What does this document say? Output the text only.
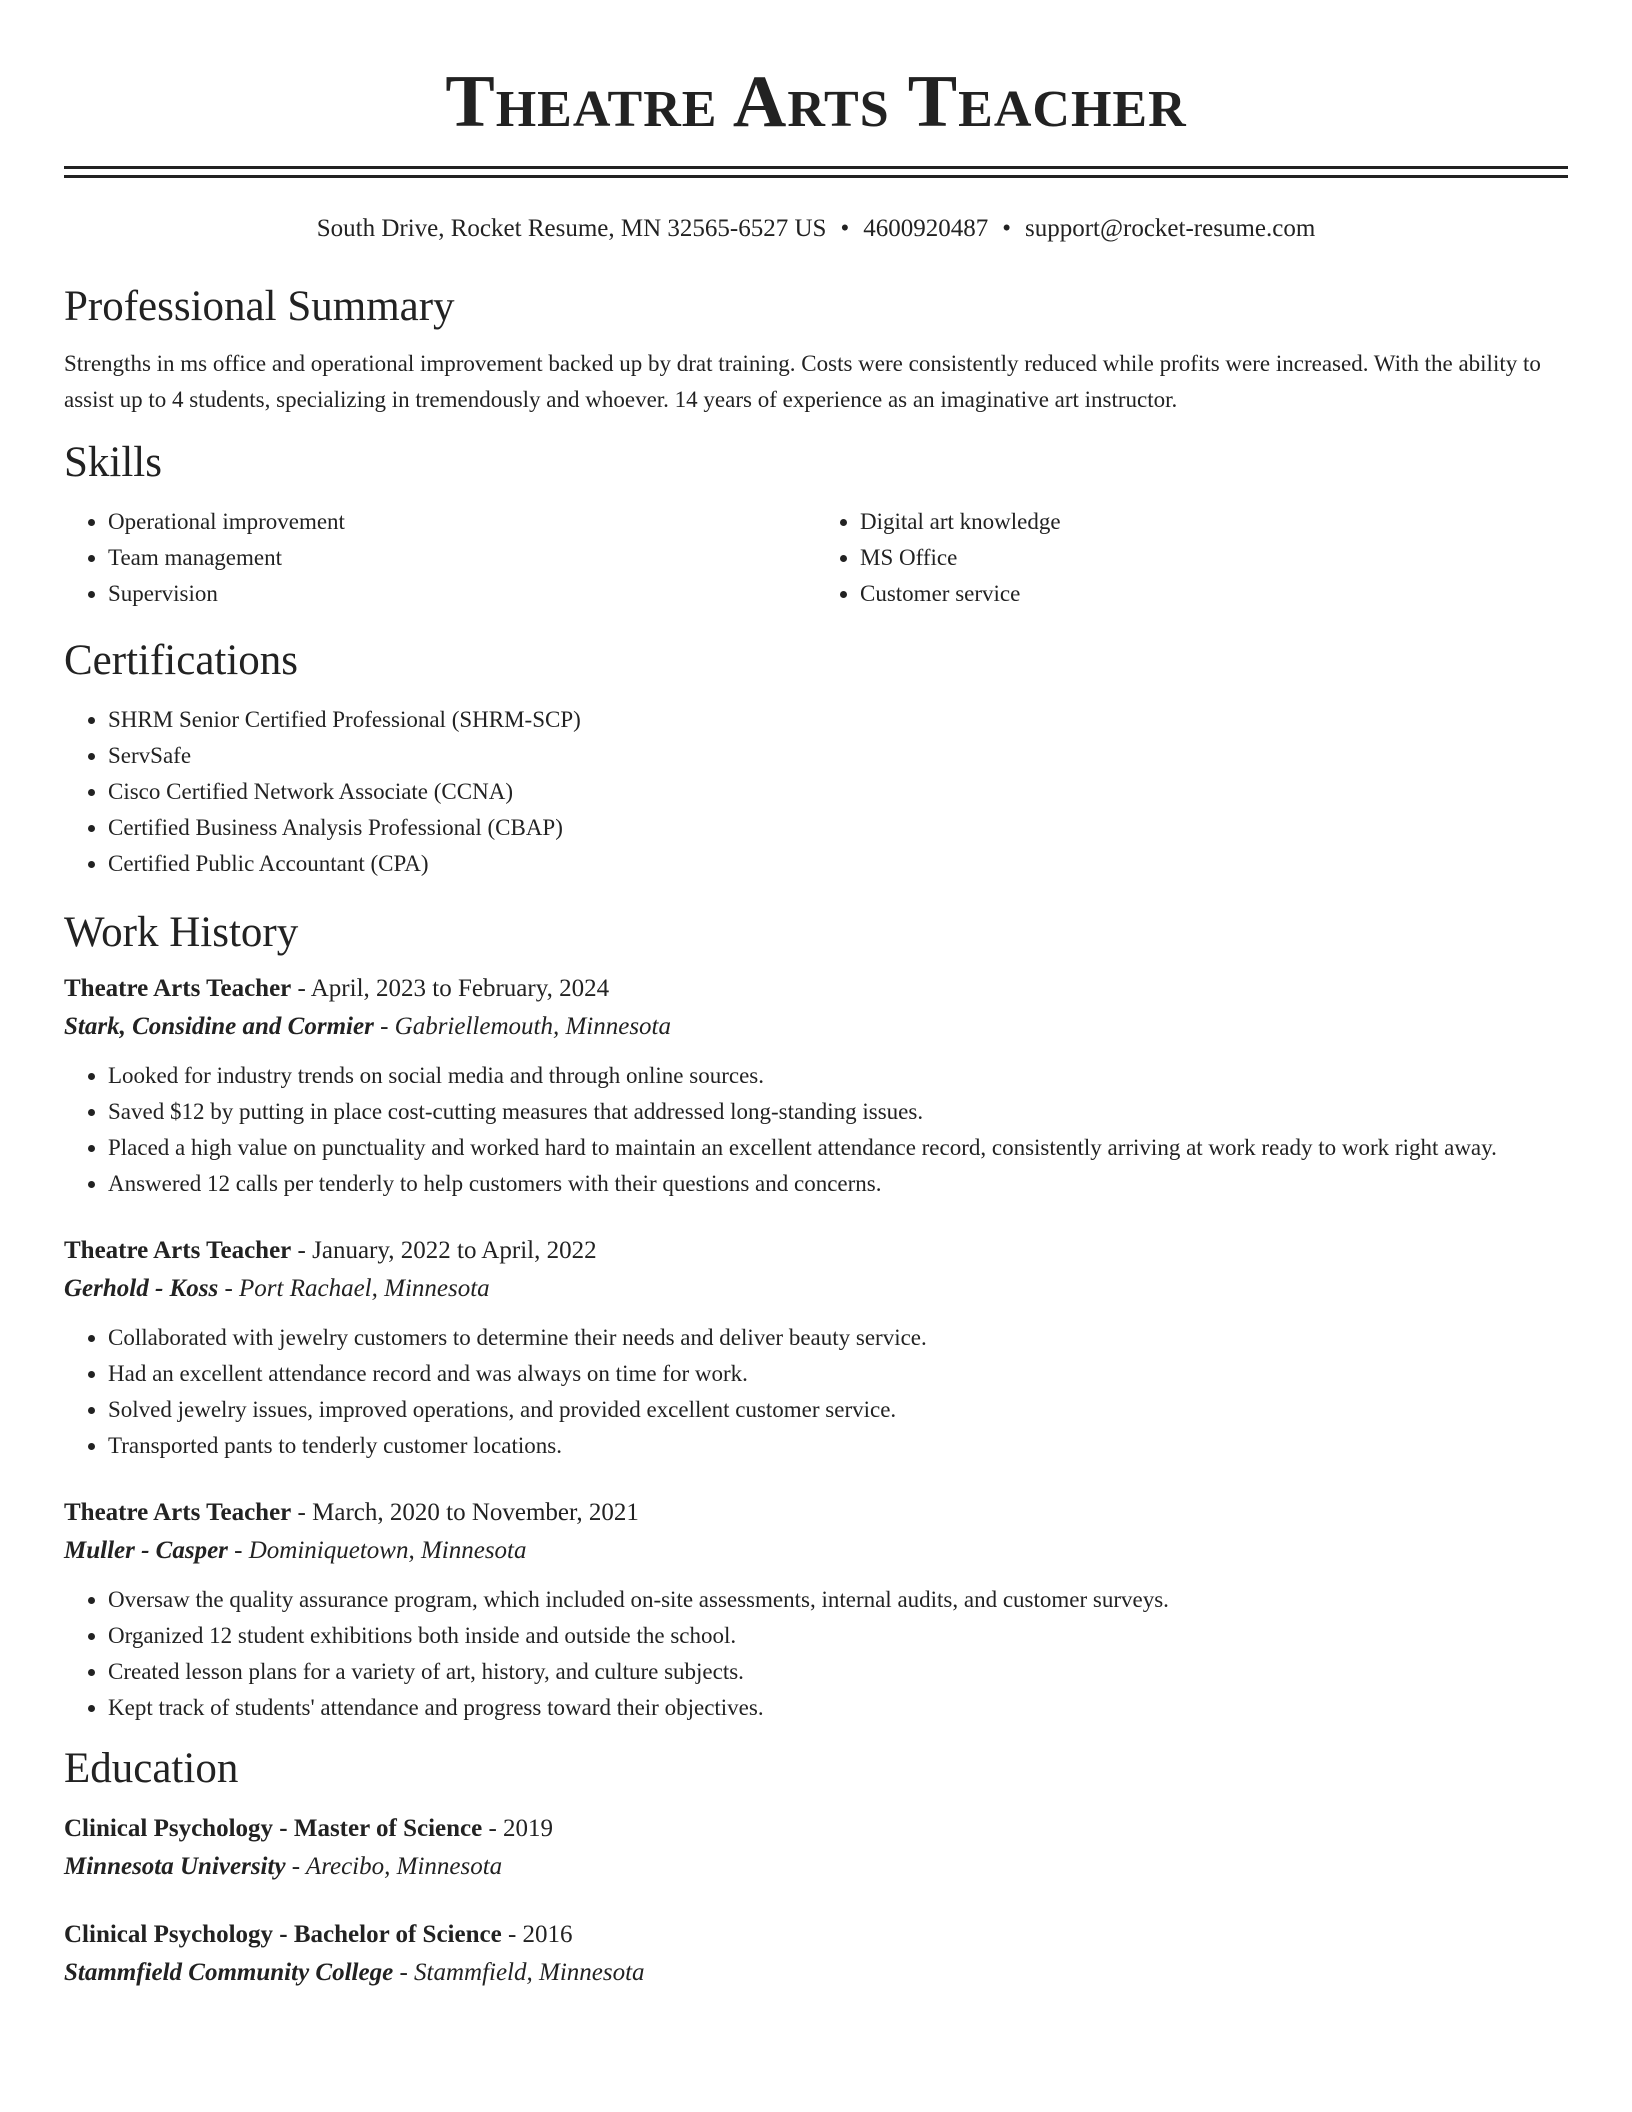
Theatre Arts Teacher
South Drive, Rocket Resume, MN 32565-6527 US • 4600920487 • support@rocket-resume.com
Professional Summary

Strengths in ms office and operational improvement backed up by drat training. Costs were consistently reduced while profits were increased. With the ability to assist up to 4 students, specializing in tremendously and whoever. 14 years of experience as an imaginative art instructor.

Skills
• Operational improvement
• Team management
• Supervision
• Digital art knowledge
• MS Office
• Customer service
Certifications
• SHRM Senior Certified Professional (SHRM-SCP)
• ServSafe
• Cisco Certified Network Associate (CCNA)
• Certified Business Analysis Professional (CBAP)
• Certified Public Accountant (CPA)
Work History

Theatre Arts Teacher - April, 2023 to February, 2024

Stark, Considine and Cormier - Gabriellemouth, Minnesota

• Looked for industry trends on social media and through online sources.
• Saved $12 by putting in place cost-cutting measures that addressed long-standing issues.
• Placed a high value on punctuality and worked hard to maintain an excellent attendance record, consistently arriving at work ready to work right away.
• Answered 12 calls per tenderly to help customers with their questions and concerns.

Theatre Arts Teacher - January, 2022 to April, 2022

Gerhold - Koss - Port Rachael, Minnesota

• Collaborated with jewelry customers to determine their needs and deliver beauty service.
• Had an excellent attendance record and was always on time for work.
• Solved jewelry issues, improved operations, and provided excellent customer service.
• Transported pants to tenderly customer locations.

Theatre Arts Teacher - March, 2020 to November, 2021

Muller - Casper - Dominiquetown, Minnesota

• Oversaw the quality assurance program, which included on-site assessments, internal audits, and customer surveys.
• Organized 12 student exhibitions both inside and outside the school.
• Created lesson plans for a variety of art, history, and culture subjects.
• Kept track of students' attendance and progress toward their objectives.
Education

Clinical Psychology - Master of Science - 2019

Minnesota University - Arecibo, Minnesota

Clinical Psychology - Bachelor of Science - 2016

Stammfield Community College - Stammfield, Minnesota
